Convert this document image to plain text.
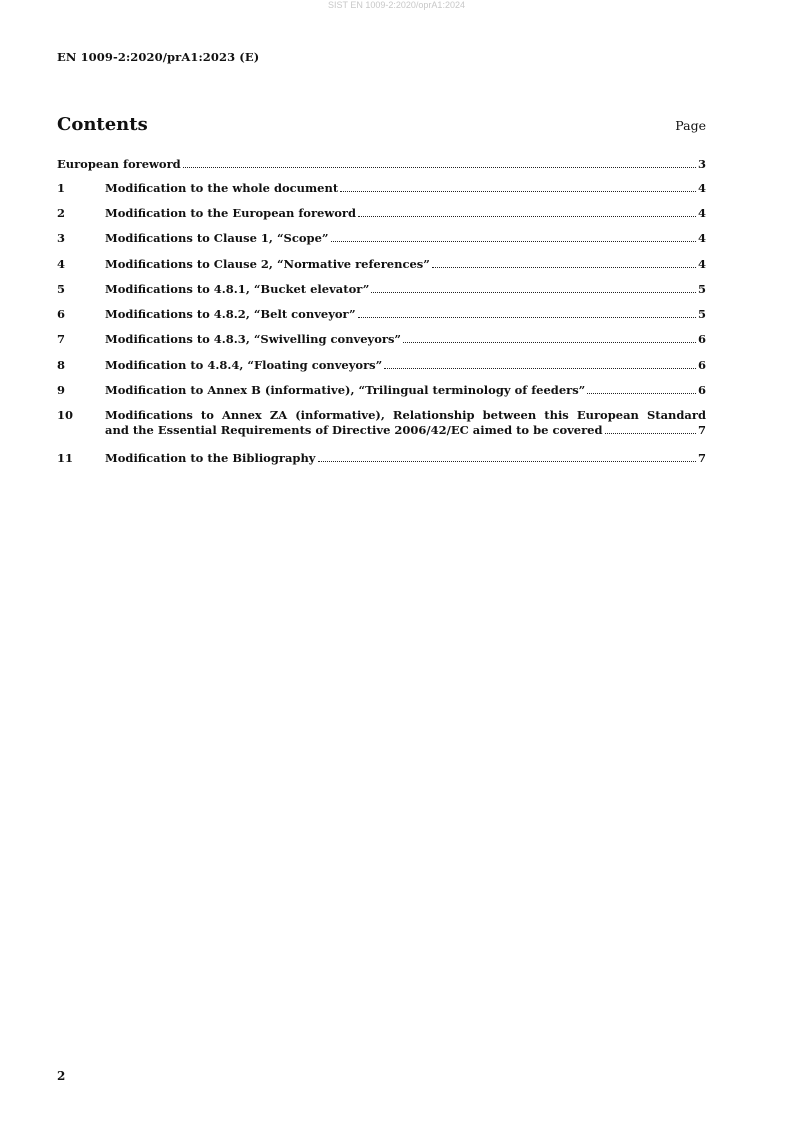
SIST EN 1009-2:2020/oprA1:2024
EN 1009-2:2020/prA1:2023 (E)
Contents	Page
European foreword	3
1	Modification to the whole document	4
2	Modification to the European foreword	4
3	Modifications to Clause 1, “Scope”	4
4	Modifications to Clause 2, “Normative references”	4
5	Modifications to 4.8.1, “Bucket elevator”	5
6	Modifications to 4.8.2, “Belt conveyor”	5
7	Modifications to 4.8.3, “Swivelling conveyors”	6
8	Modification to 4.8.4, “Floating conveyors”	6
9	Modification to Annex B (informative), “Trilingual terminology of feeders”	6
10	Modifications to Annex ZA (informative), Relationship between this European Standard
and the Essential Requirements of Directive 2006/42/EC aimed to be covered	7
11	Modification to the Bibliography	7
2
